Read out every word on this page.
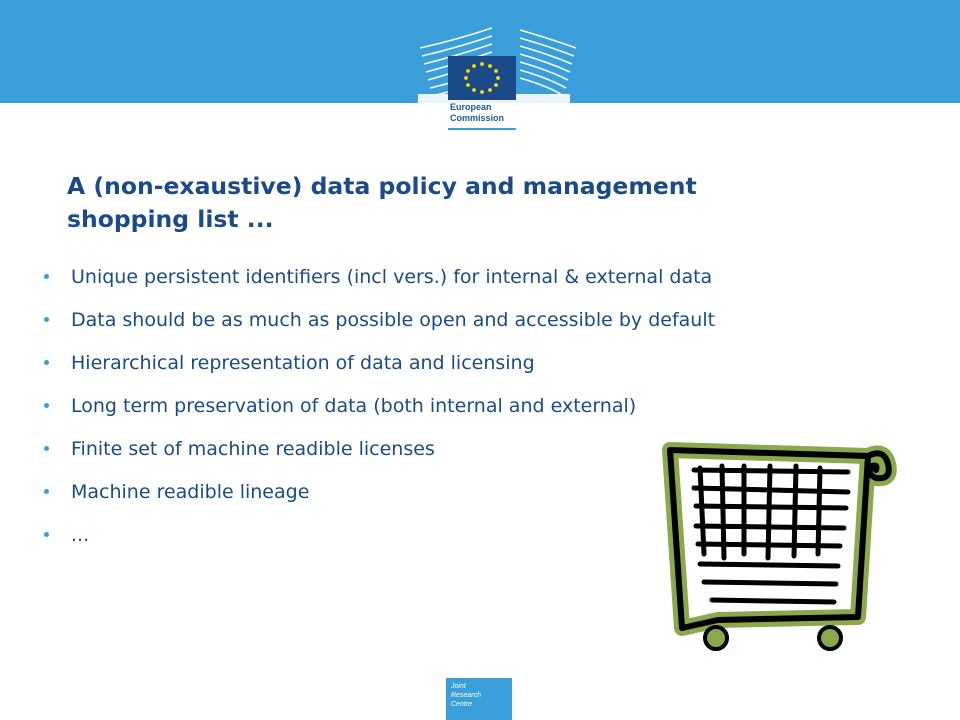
European
Commission
A (non-exaustive) data policy and management
shopping list ...
Unique persistent identifiers (incl vers.) for internal & external data
Data should be as much as possible open and accessible by default
Hierarchical representation of data and licensing
Long term preservation of data (both internal and external)
Finite set of machine readible licenses
Machine readible lineage
...
Joint
Research
Centre
